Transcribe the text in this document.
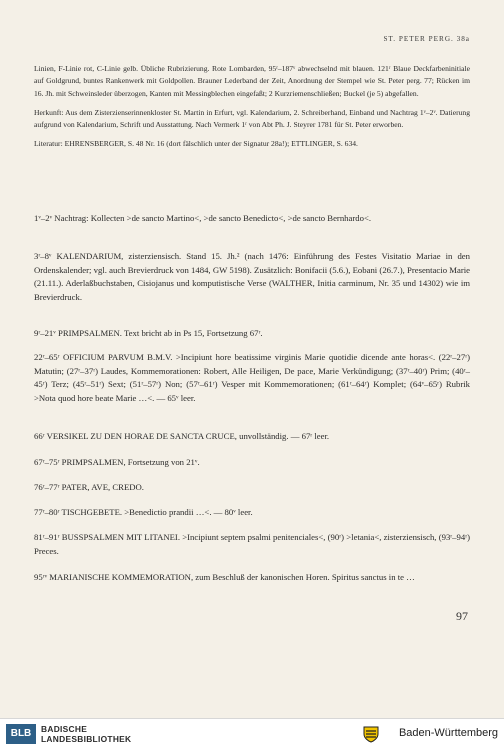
ST. PETER PERG. 38a

Linien, F-Linie rot, C-Linie gelb. Übliche Rubrizierung. Rote Lombarden, 95ʳ–187ᵛ abwechselnd mit blauen. 121ʳ Blaue Deckfarbeninitiale auf Goldgrund, buntes Rankenwerk mit Goldpollen. Brauner Lederband der Zeit, Anordnung der Stempel wie St. Peter perg. 77; Rücken im 16. Jh. mit Schweinsleder überzogen, Kanten mit Messingblechen eingefaßt; 2 Kurzriemenschließen; Buckel (je 5) abgefallen.

Herkunft: Aus dem Zisterzienserinnenkloster St. Martin in Erfurt, vgl. Kalendarium, 2. Schreiberhand, Einband und Nachtrag 1ᵛ–2ᵛ. Datierung aufgrund von Kalendarium, Schrift und Ausstattung. Nach Vermerk 1ʳ von Abt Ph. J. Steyrer 1781 für St. Peter erworben.

Literatur: EHRENSBERGER, S. 48 Nr. 16 (dort fälschlich unter der Signatur 28a!); ETTLINGER, S. 634.

1ᵛ–2ᵛ Nachtrag: Kollecten >de sancto Martino<, >de sancto Benedicto<, >de sancto Bernhardo<.

3ʳ–8ᵛ KALENDARIUM, zisterziensisch. Stand 15. Jh.² (nach 1476: Einführung des Festes Visitatio Mariae in den Ordenskalender; vgl. auch Brevierdruck von 1484, GW 5198). Zusätzlich: Bonifacii (5.6.), Eobani (26.7.), Presentacio Marie (21.11.). Aderlaßbuchstaben, Cisiojanus und komputistische Verse (WALTHER, Initia carminum, Nr. 35 und 14302) wie im Brevierdruck.

9ʳ–21ᵛ PRIMPSALMEN. Text bricht ab in Ps 15, Fortsetzung 67ʳ.

22ʳ–65ʳ OFFICIUM PARVUM B.M.V. >Incipiunt hore beatissime virginis Marie quotidie dicende ante horas<. (22ʳ–27ʳ) Matutin; (27ʳ–37ʳ) Laudes, Kommemorationen: Robert, Alle Heiligen, De pace, Marie Verkündigung; (37ʳ–40ʳ) Prim; (40ʳ–45ʳ) Terz; (45ʳ–51ʳ) Sext; (51ʳ–57ʳ) Non; (57ʳ–61ʳ) Vesper mit Kommemorationen; (61ʳ–64ʳ) Komplet; (64ᵛ–65ʳ) Rubrik >Nota quod hore beate Marie …<. — 65ᵛ leer.

66ʳ VERSIKEL ZU DEN HORAE DE SANCTA CRUCE, unvollständig. — 67ʳ leer.

67ʳ–75ʳ PRIMPSALMEN, Fortsetzung von 21ᵛ.

76ʳ–77ʳ PATER, AVE, CREDO.

77ʳ–80ʳ TISCHGEBETE. >Benedictio prandii …<. — 80ᵛ leer.

81ʳ–91ʳ BUSSPSALMEN MIT LITANEI. >Incipiunt septem psalmi penitenciales<, (90ʳ) >letania<, zisterziensisch, (93ʳ–94ʳ) Preces.

95ʳᵛ MARIANISCHE KOMMEMORATION, zum Beschluß der kanonischen Horen. Spiritus sanctus in te …

97
BLB	BADISCHE
LANDESBIBLIOTHEK	Baden-Württemberg
